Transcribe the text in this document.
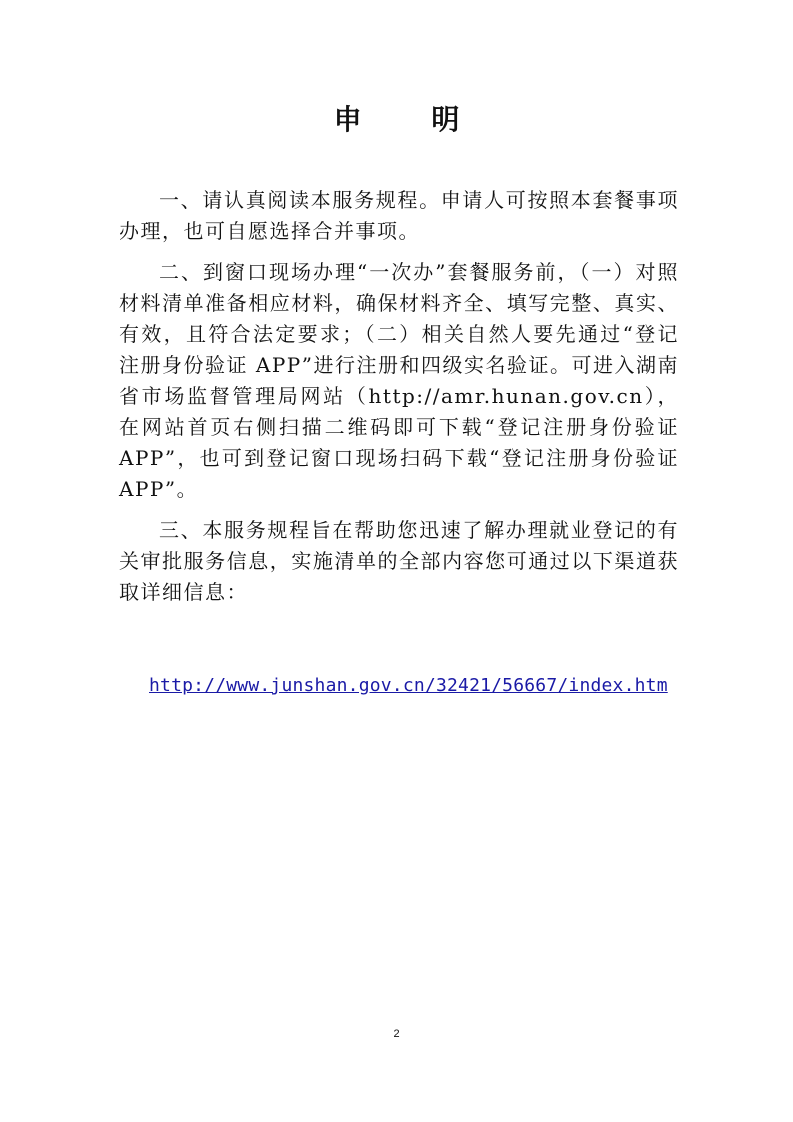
申 明

一、请认真阅读本服务规程。申请人可按照本套餐事项办理，也可自愿选择合并事项。

二、到窗口现场办理“一次办”套餐服务前，（一）对照材料清单准备相应材料，确保材料齐全、填写完整、真实、有效，且符合法定要求；（二）相关自然人要先通过“登记注册身份验证 APP”进行注册和四级实名验证。可进入湖南省市场监督管理局网站（http://amr.hunan.gov.cn），在网站首页右侧扫描二维码即可下载“登记注册身份验证 APP”，也可到登记窗口现场扫码下载“登记注册身份验证 APP”。

三、本服务规程旨在帮助您迅速了解办理就业登记的有关审批服务信息，实施清单的全部内容您可通过以下渠道获取详细信息：

http://www.junshan.gov.cn/32421/56667/index.htm
2
